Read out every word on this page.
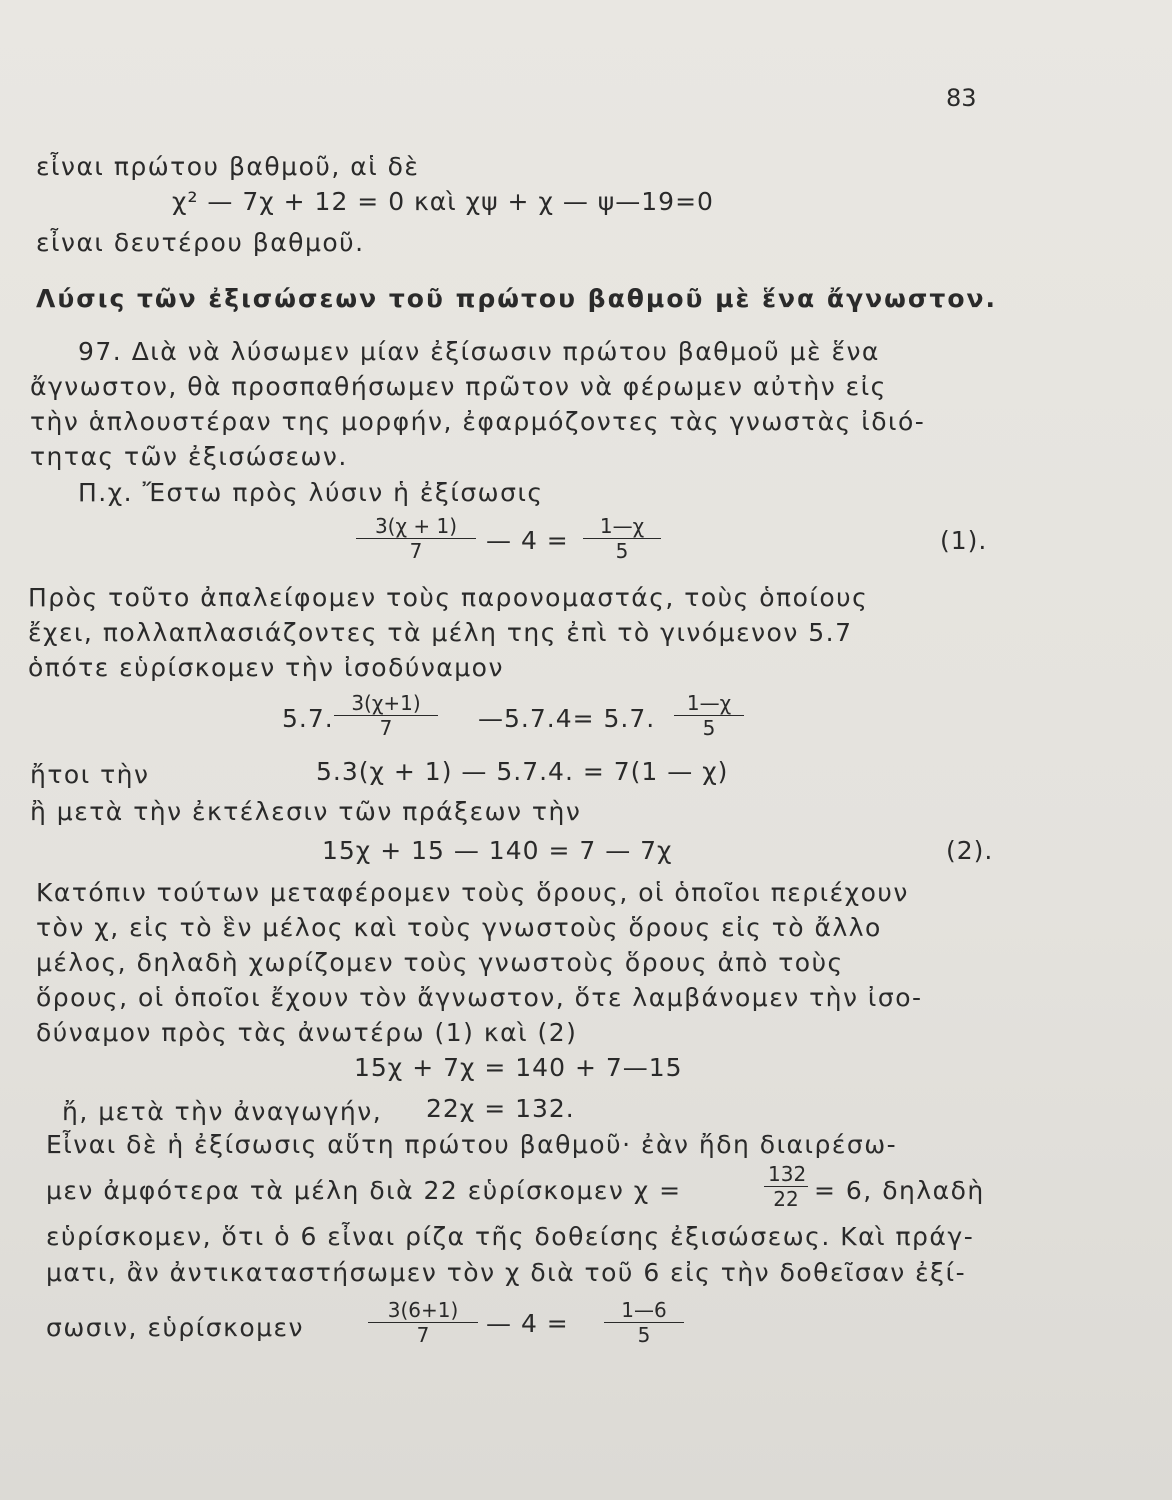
83
εἶναι πρώτου βαθμοῦ, αἱ δὲ
χ² — 7χ + 12 = 0 καὶ χψ + χ — ψ—19=0
εἶναι δευτέρου βαθμοῦ.
Λύσις τῶν ἐξισώσεων τοῦ πρώτου βαθμοῦ μὲ ἕνα ἄγνωστον.
97. Διὰ νὰ λύσωμεν μίαν ἐξίσωσιν πρώτου βαθμοῦ μὲ ἕνα
ἄγνωστον, θὰ προσπαθήσωμεν πρῶτον νὰ φέρωμεν αὐτὴν εἰς
τὴν ἁπλουστέραν της μορφήν, ἐφαρμόζοντες τὰς γνωστὰς ἰδιό-
τητας τῶν ἐξισώσεων.
Π.χ. Ἔστω πρὸς λύσιν ἡ ἐξίσωσις
$\frac{3(\chi + 1)}{7}$ — $4 = \frac{1—\chi}{5}$	(1).
Πρὸς τοῦτο ἀπαλείφομεν τοὺς παρονομαστάς, τοὺς ὁποίους
ἔχει, πολλαπλασιάζοντες τὰ μέλη της ἐπὶ τὸ γινόμενον 5.7
ὁπότε εὑρίσκομεν τὴν ἰσοδύναμον
5.7. $\frac{3(\chi+1)}{7}$ —5.7.4= 5.7. $\frac{1—\chi}{5}$
ἤτοι τὴν	5.3(χ + 1) — 5.7.4. = 7(1 — χ)
ἢ μετὰ τὴν ἐκτέλεσιν τῶν πράξεων τὴν
15χ + 15 — 140 = 7 — 7χ	(2).
Κατόπιν τούτων μεταφέρομεν τοὺς ὅρους, οἱ ὁποῖοι περιέχουν
τὸν χ, εἰς τὸ ἓν μέλος καὶ τοὺς γνωστοὺς ὅρους εἰς τὸ ἄλλο
μέλος, δηλαδὴ χωρίζομεν τοὺς γνωστοὺς ὅρους ἀπὸ τοὺς
ὅρους, οἱ ὁποῖοι ἔχουν τὸν ἄγνωστον, ὅτε λαμβάνομεν τὴν ἰσο-
δύναμον πρὸς τὰς ἀνωτέρω (1) καὶ (2)
15χ + 7χ = 140 + 7—15
ἤ, μετὰ τὴν ἀναγωγήν, 22χ = 132.
Εἶναι δὲ ἡ ἐξίσωσις αὕτη πρώτου βαθμοῦ· ἐὰν ἤδη διαιρέσω-
μεν ἀμφότερα τὰ μέλη διὰ 22 εὑρίσκομεν χ =	$\frac{132}{22} = 6$, δηλαδὴ
εὑρίσκομεν, ὅτι ὁ 6 εἶναι ρίζα τῆς δοθείσης ἐξισώσεως. Καὶ πράγ-
ματι, ἂν ἀντικαταστήσωμεν τὸν χ διὰ τοῦ 6 εἰς τὴν δοθεῖσαν ἐξί-
σωσιν, εὑρίσκομεν	$\frac{3(6+1)}{7}$ — $4 = \frac{1—6}{5}$
